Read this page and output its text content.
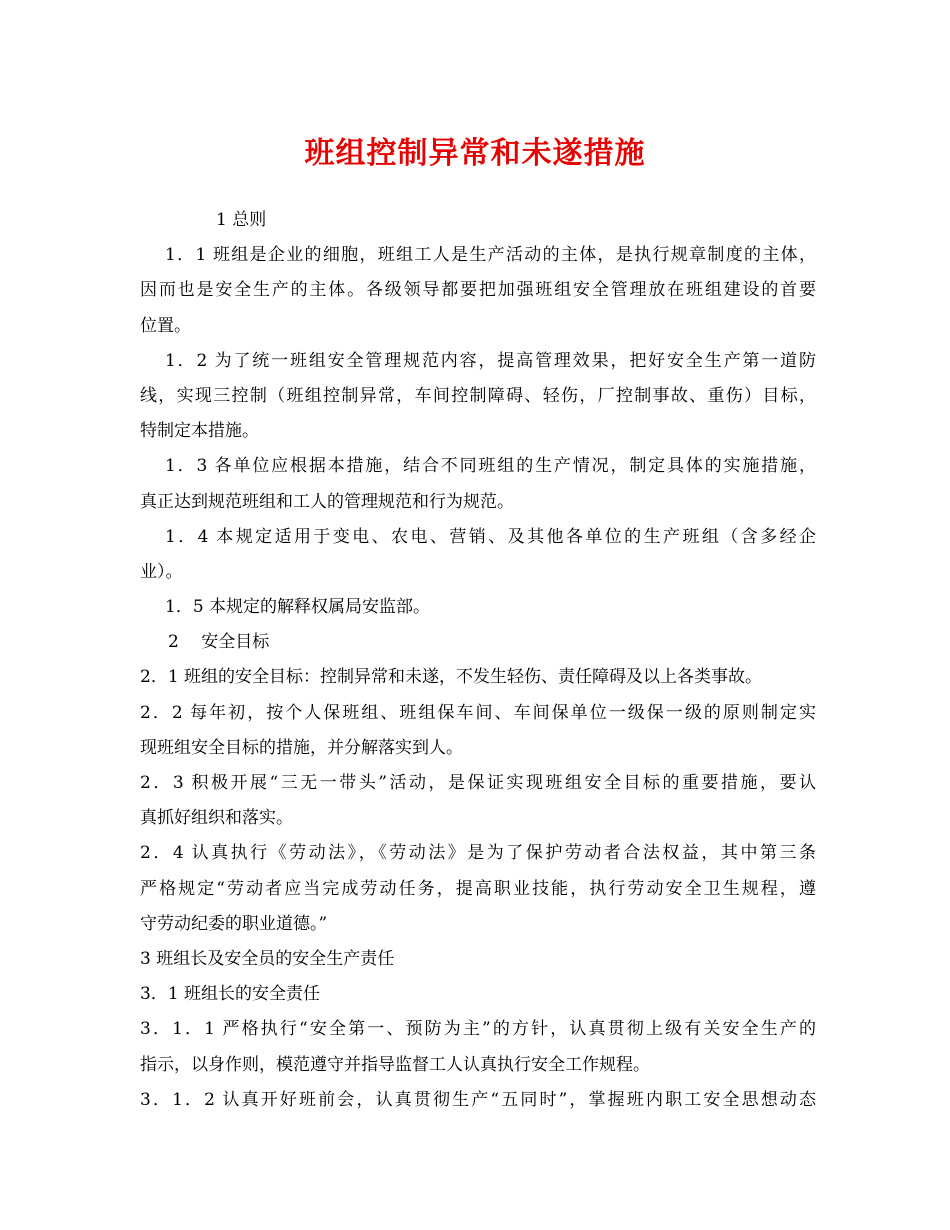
班组控制异常和未遂措施

1 总则

1．1 班组是企业的细胞，班组工人是生产活动的主体，是执行规章制度的主体，

因而也是安全生产的主体。各级领导都要把加强班组安全管理放在班组建设的首要

位置。

1．2 为了统一班组安全管理规范内容，提高管理效果，把好安全生产第一道防

线，实现三控制（班组控制异常，车间控制障碍、轻伤，厂控制事故、重伤）目标，

特制定本措施。

1．3 各单位应根据本措施，结合不同班组的生产情况，制定具体的实施措施，

真正达到规范班组和工人的管理规范和行为规范。

1．4 本规定适用于变电、农电、营销、及其他各单位的生产班组（含多经企

业）。

1．5 本规定的解释权属局安监部。

2　 安全目标

2．1 班组的安全目标：控制异常和未遂，不发生轻伤、责任障碍及以上各类事故。

2．2 每年初，按个人保班组、班组保车间、车间保单位一级保一级的原则制定实

现班组安全目标的措施，并分解落实到人。

2．3 积极开展“三无一带头”活动，是保证实现班组安全目标的重要措施，要认

真抓好组织和落实。

2．4 认真执行《劳动法》，《劳动法》是为了保护劳动者合法权益，其中第三条

严格规定“劳动者应当完成劳动任务，提高职业技能，执行劳动安全卫生规程，遵

守劳动纪委的职业道德。”

3 班组长及安全员的安全生产责任

3．1 班组长的安全责任

3．1．1 严格执行“安全第一、预防为主”的方针，认真贯彻上级有关安全生产的

指示，以身作则，模范遵守并指导监督工人认真执行安全工作规程。

3．1．2 认真开好班前会，认真贯彻生产“五同时”，掌握班内职工安全思想动态
